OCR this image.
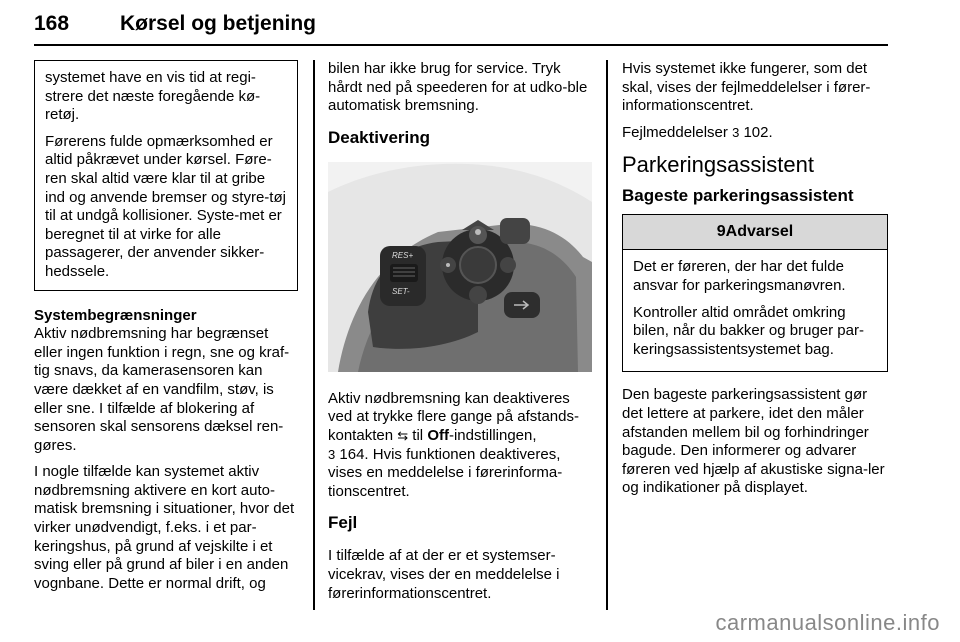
168 Kørsel og betjening

systemet have en vis tid at regi-strere det næste foregående kø-retøj.

Førerens fulde opmærksomhed er altid påkrævet under kørsel. Føre-ren skal altid være klar til at gribe ind og anvende bremser og styre-tøj til at undgå kollisioner. Syste-met er beregnet til at virke for alle passagerer, der anvender sikker-hedssele.

Systembegrænsninger

Aktiv nødbremsning har begrænset eller ingen funktion i regn, sne og kraf-tig snavs, da kamerasensoren kan være dækket af en vandfilm, støv, is eller sne. I tilfælde af blokering af sensoren skal sensorens dæksel ren-gøres.

I nogle tilfælde kan systemet aktiv nødbremsning aktivere en kort auto-matisk bremsning i situationer, hvor det virker unødvendigt, f.eks. i et par-keringshus, på grund af vejskilte i et sving eller på grund af biler i en anden vognbane. Dette er normal drift, og

bilen har ikke brug for service. Tryk hårdt ned på speederen for at udko-ble automatisk bremsning.

Deaktivering
RES+
SET-

Aktiv nødbremsning kan deaktiveres ved at trykke flere gange på afstands-kontakten ⇆ til Off-indstillingen,
3 164. Hvis funktionen deaktiveres, vises en meddelelse i førerinforma-tionscentret.

Fejl

I tilfælde af at der er et systemser-vicekrav, vises der en meddelelse i førerinformationscentret.

Hvis systemet ikke fungerer, som det skal, vises der fejlmeddelelser i fører-informationscentret.

Fejlmeddelelser 3 102.

Parkeringsassistent
Bageste parkeringsassistent
9Advarsel

Det er føreren, der har det fulde ansvar for parkeringsmanøvren.

Kontroller altid området omkring bilen, når du bakker og bruger par-keringsassistentsystemet bag.

Den bageste parkeringsassistent gør det lettere at parkere, idet den måler afstanden mellem bil og forhindringer bagude. Den informerer og advarer føreren ved hjælp af akustiske signa-ler og indikationer på displayet.

carmanualsonline.info
